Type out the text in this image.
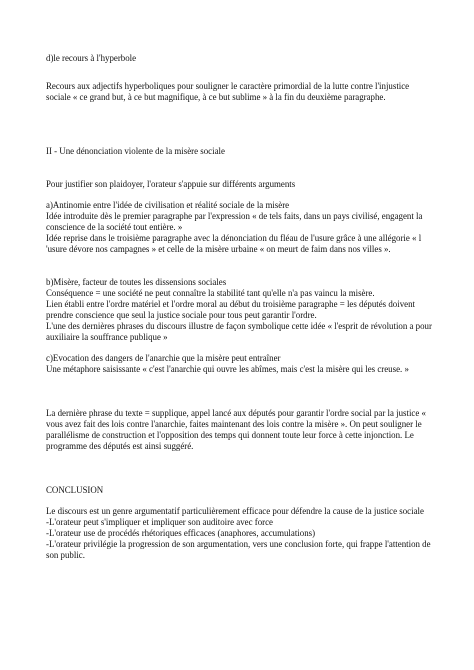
d)le recours à l'hyperbole

Recours aux adjectifs hyperboliques pour souligner le caractère primordial de la lutte contre l'injustice sociale « ce grand but, à ce but magnifique, à ce but sublime » à la fin du deuxième paragraphe.

II - Une dénonciation violente de la misère sociale

Pour justifier son plaidoyer, l'orateur s'appuie sur différents arguments

a)Antinomie entre l'idée de civilisation et réalité sociale de la misère
Idée introduite dès le premier paragraphe par l'expression « de tels faits, dans un pays civilisé, engagent la conscience de la société tout entière. »
Idée reprise dans le troisième paragraphe avec la dénonciation du fléau de l'usure grâce à une allégorie « l 'usure dévore nos campagnes » et celle de la misère urbaine « on meurt de faim dans nos villes ».
b)Misère, facteur de toutes les dissensions sociales
Conséquence = une société ne peut connaître la stabilité tant qu'elle n'a pas vaincu la misère.
Lien établi entre l'ordre matériel et l'ordre moral au début du troisième paragraphe = les députés doivent prendre conscience que seul la justice sociale pour tous peut garantir l'ordre.
L'une des dernières phrases du discours illustre de façon symbolique cette idée « l'esprit de révolution a pour auxiliaire la souffrance publique »
c)Evocation des dangers de l'anarchie que la misère peut entraîner
Une métaphore saisissante « c'est l'anarchie qui ouvre les abîmes, mais c'est la misère qui les creuse. »

La dernière phrase du texte = supplique, appel lancé aux députés pour garantir l'ordre social par la justice « vous avez fait des lois contre l'anarchie, faites maintenant des lois contre la misère ». On peut souligner le parallélisme de construction et l'opposition des temps qui donnent toute leur force à cette injonction. Le programme des députés est ainsi suggéré.

CONCLUSION

Le discours est un genre argumentatif particulièrement efficace pour défendre la cause de la justice sociale
-L'orateur peut s'impliquer et impliquer son auditoire avec force
-L'orateur use de procédés rhétoriques efficaces (anaphores, accumulations)
-L'orateur privilégie la progression de son argumentation, vers une conclusion forte, qui frappe l'attention de son public.
